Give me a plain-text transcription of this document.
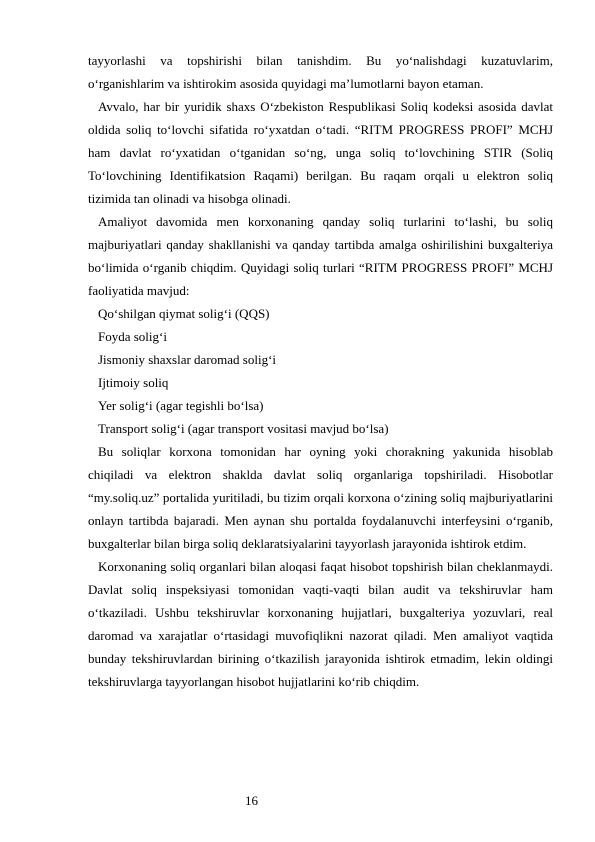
tayyorlashi va topshirishi bilan tanishdim. Bu yo‘nalishdagi kuzatuvlarim, o‘rganishlarim va ishtirokim asosida quyidagi ma’lumotlarni bayon etaman.

Avvalo, har bir yuridik shaxs O‘zbekiston Respublikasi Soliq kodeksi asosida davlat oldida soliq to‘lovchi sifatida ro‘yxatdan o‘tadi. “RITM PROGRESS PROFI” MCHJ ham davlat ro‘yxatidan o‘tganidan so‘ng, unga soliq to‘lovchining STIR (Soliq To‘lovchining Identifikatsion Raqami) berilgan. Bu raqam orqali u elektron soliq tizimida tan olinadi va hisobga olinadi.

Amaliyot davomida men korxonaning qanday soliq turlarini to‘lashi, bu soliq majburiyatlari qanday shakllanishi va qanday tartibda amalga oshirilishini buxgalteriya bo‘limida o‘rganib chiqdim. Quyidagi soliq turlari “RITM PROGRESS PROFI” MCHJ faoliyatida mavjud:

Qo‘shilgan qiymat solig‘i (QQS)

Foyda solig‘i

Jismoniy shaxslar daromad solig‘i

Ijtimoiy soliq

Yer solig‘i (agar tegishli bo‘lsa)

Transport solig‘i (agar transport vositasi mavjud bo‘lsa)

Bu soliqlar korxona tomonidan har oyning yoki chorakning yakunida hisoblab chiqiladi va elektron shaklda davlat soliq organlariga topshiriladi. Hisobotlar “my.soliq.uz” portalida yuritiladi, bu tizim orqali korxona o‘zining soliq majburiyatlarini onlayn tartibda bajaradi. Men aynan shu portalda foydalanuvchi interfeysini o‘rganib, buxgalterlar bilan birga soliq deklaratsiyalarini tayyorlash jarayonida ishtirok etdim.

Korxonaning soliq organlari bilan aloqasi faqat hisobot topshirish bilan cheklanmaydi. Davlat soliq inspeksiyasi tomonidan vaqti-vaqti bilan audit va tekshiruvlar ham o‘tkaziladi. Ushbu tekshiruvlar korxonaning hujjatlari, buxgalteriya yozuvlari, real daromad va xarajatlar o‘rtasidagi muvofiqlikni nazorat qiladi. Men amaliyot vaqtida bunday tekshiruvlardan birining o‘tkazilish jarayonida ishtirok etmadim, lekin oldingi tekshiruvlarga tayyorlangan hisobot hujjatlarini ko‘rib chiqdim.

16
